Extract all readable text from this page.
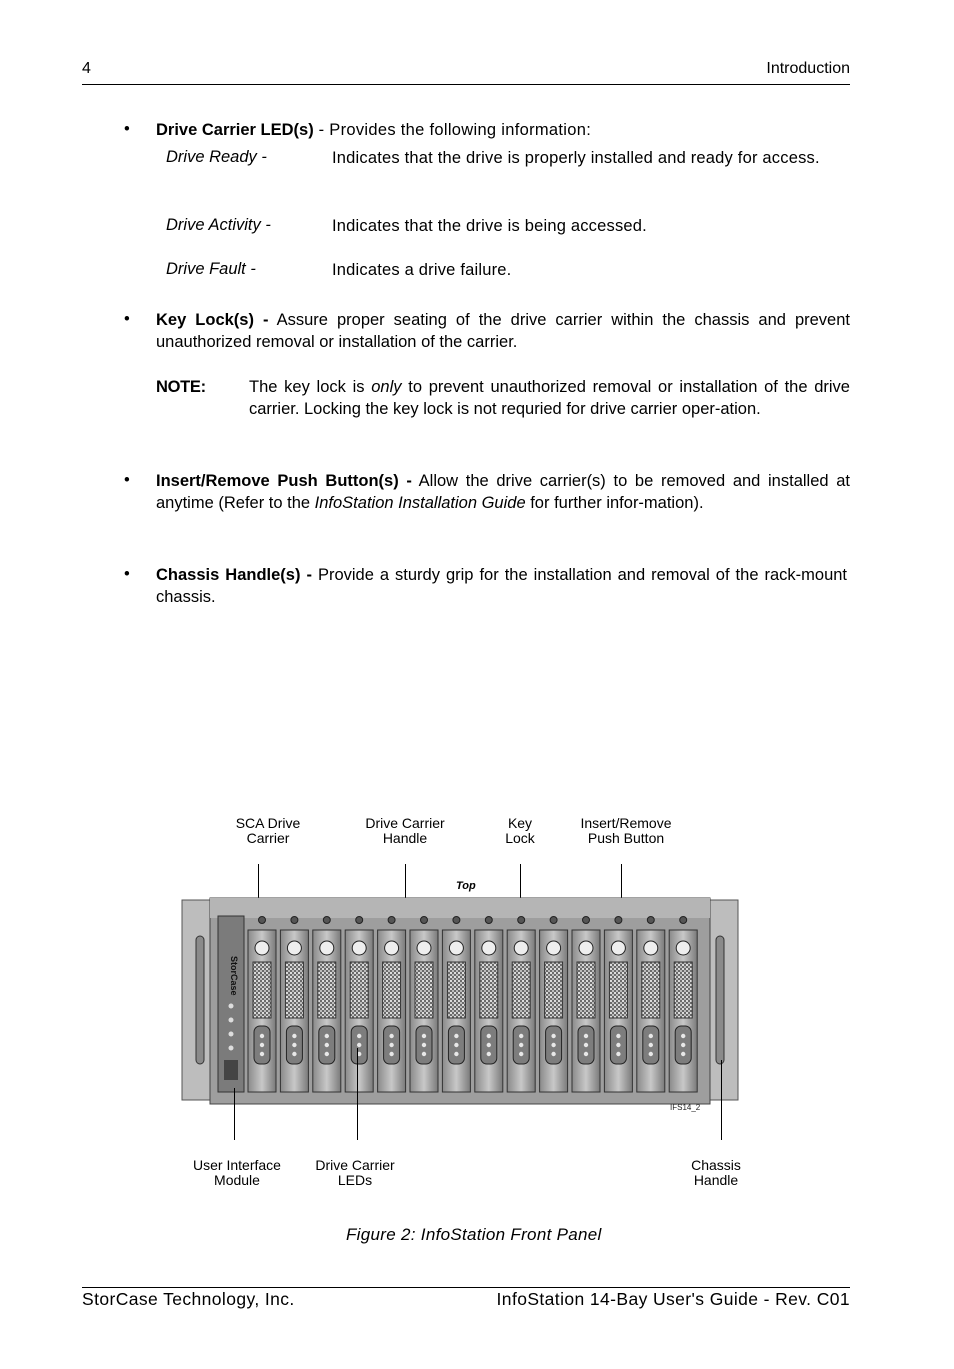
4	Introduction
• Drive Carrier LED(s) - Provides the following information:
Drive Ready -	Indicates that the drive is properly installed and ready for access.
Drive Activity -	Indicates that the drive is being accessed.
Drive Fault -	Indicates a drive failure.
• Key Lock(s) - Assure proper seating of the drive carrier within the chassis and prevent unauthorized removal or installation of the carrier.
NOTE:	The key lock is only to prevent unauthorized removal or installation of the drive carrier. Locking the key lock is not requried for drive carrier oper-ation.
• Insert/Remove Push Button(s) - Allow the drive carrier(s) to be removed and installed at anytime (Refer to the InfoStation Installation Guide for further infor-mation).
• Chassis Handle(s) - Provide a sturdy grip for the installation and removal of the rack-mount chassis.
SCA Drive
Carrier
Drive Carrier
Handle
Key
Lock
Insert/Remove
Push Button
Top
StorCase
IFS14_2
User Interface
Module
Drive Carrier
LEDs
Chassis
Handle
Figure 2: InfoStation Front Panel
StorCase Technology, Inc.	InfoStation 14-Bay User's Guide - Rev. C01
